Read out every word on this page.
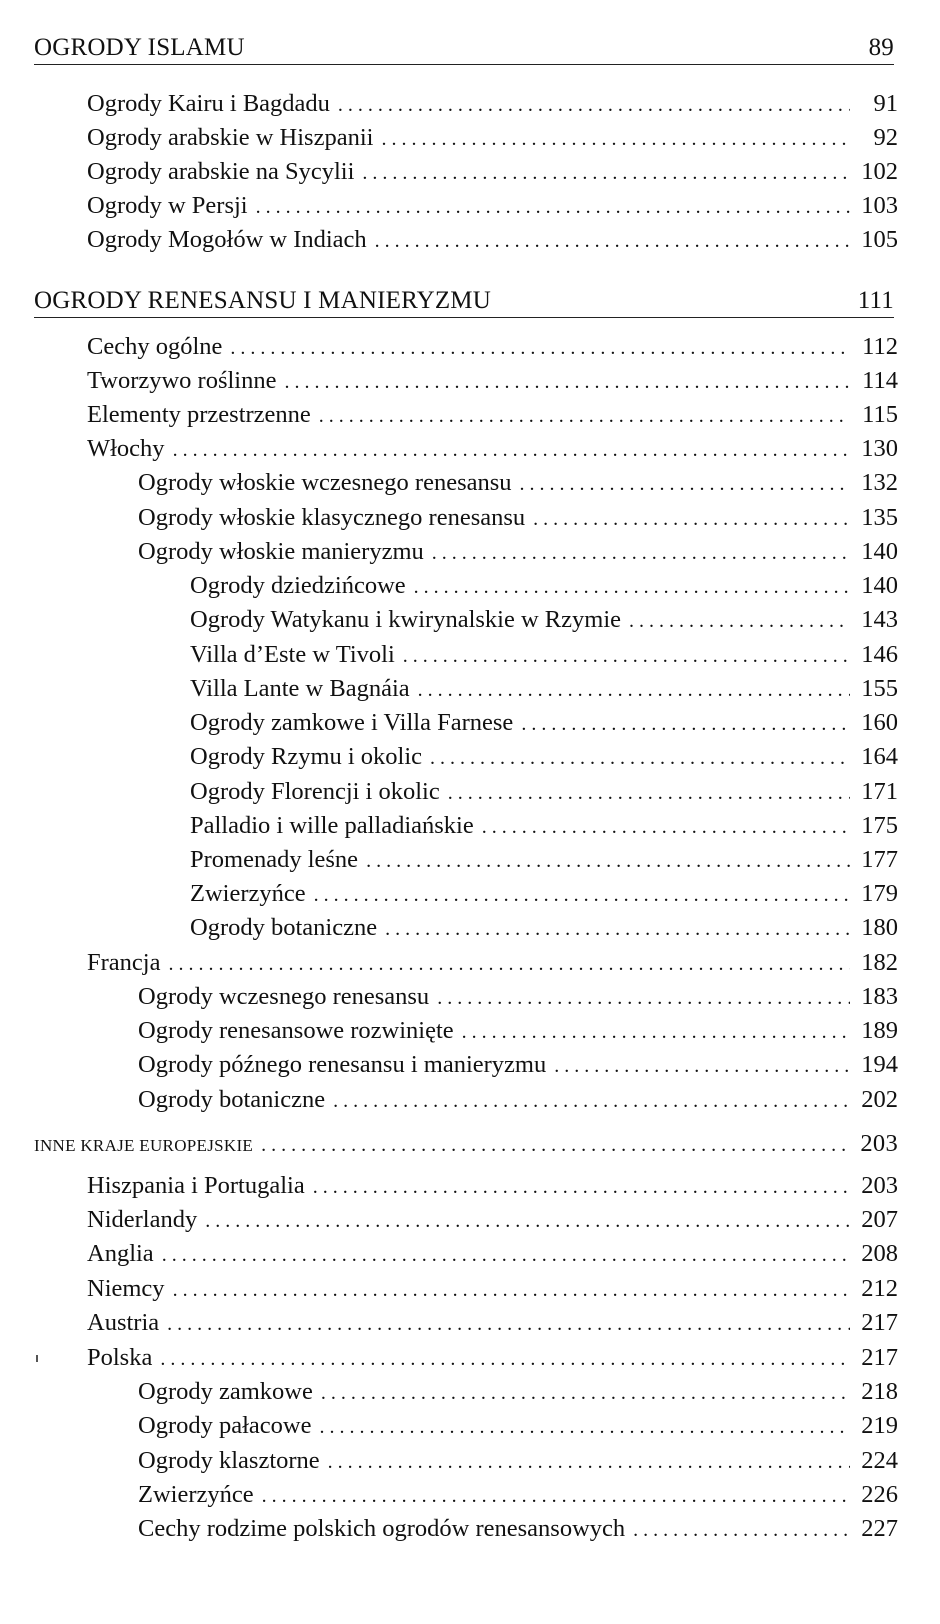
OGRODY ISLAMU	89
Ogrody Kairu i Bagdadu . . .	91
Ogrody arabskie w Hiszpanii . . .	92
Ogrody arabskie na Sycylii . . .	102
Ogrody w Persji . . .	103
Ogrody Mogołów w Indiach . . .	105
OGRODY RENESANSU I MANIERYZMU	111
Cechy ogólne . . .	112
Tworzywo roślinne . . .	114
Elementy przestrzenne . . .	115
Włochy . . .	130
Ogrody włoskie wczesnego renesansu . . .	132
Ogrody włoskie klasycznego renesansu . . .	135
Ogrody włoskie manieryzmu . . .	140
Ogrody dziedzińcowe . . .	140
Ogrody Watykanu i kwirynalskie w Rzymie . . .	143
Villa d’Este w Tivoli . . .	146
Villa Lante w Bagnáia . . .	155
Ogrody zamkowe i Villa Farnese . . .	160
Ogrody Rzymu i okolic . . .	164
Ogrody Florencji i okolic . . .	171
Palladio i wille palladiańskie . . .	175
Promenady leśne . . .	177
Zwierzyńce . . .	179
Ogrody botaniczne . . .	180
Francja . . .	182
Ogrody wczesnego renesansu . . .	183
Ogrody renesansowe rozwinięte . . .	189
Ogrody późnego renesansu i manieryzmu . . .	194
Ogrody botaniczne . . .	202
INNE KRAJE EUROPEJSKIE . . .	203
Hiszpania i Portugalia . . .	203
Niderlandy . . .	207
Anglia . . .	208
Niemcy . . .	212
Austria . . .	217
Polska . . .	217
Ogrody zamkowe . . .	218
Ogrody pałacowe . . .	219
Ogrody klasztorne . . .	224
Zwierzyńce . . .	226
Cechy rodzime polskich ogrodów renesansowych . . .	227
